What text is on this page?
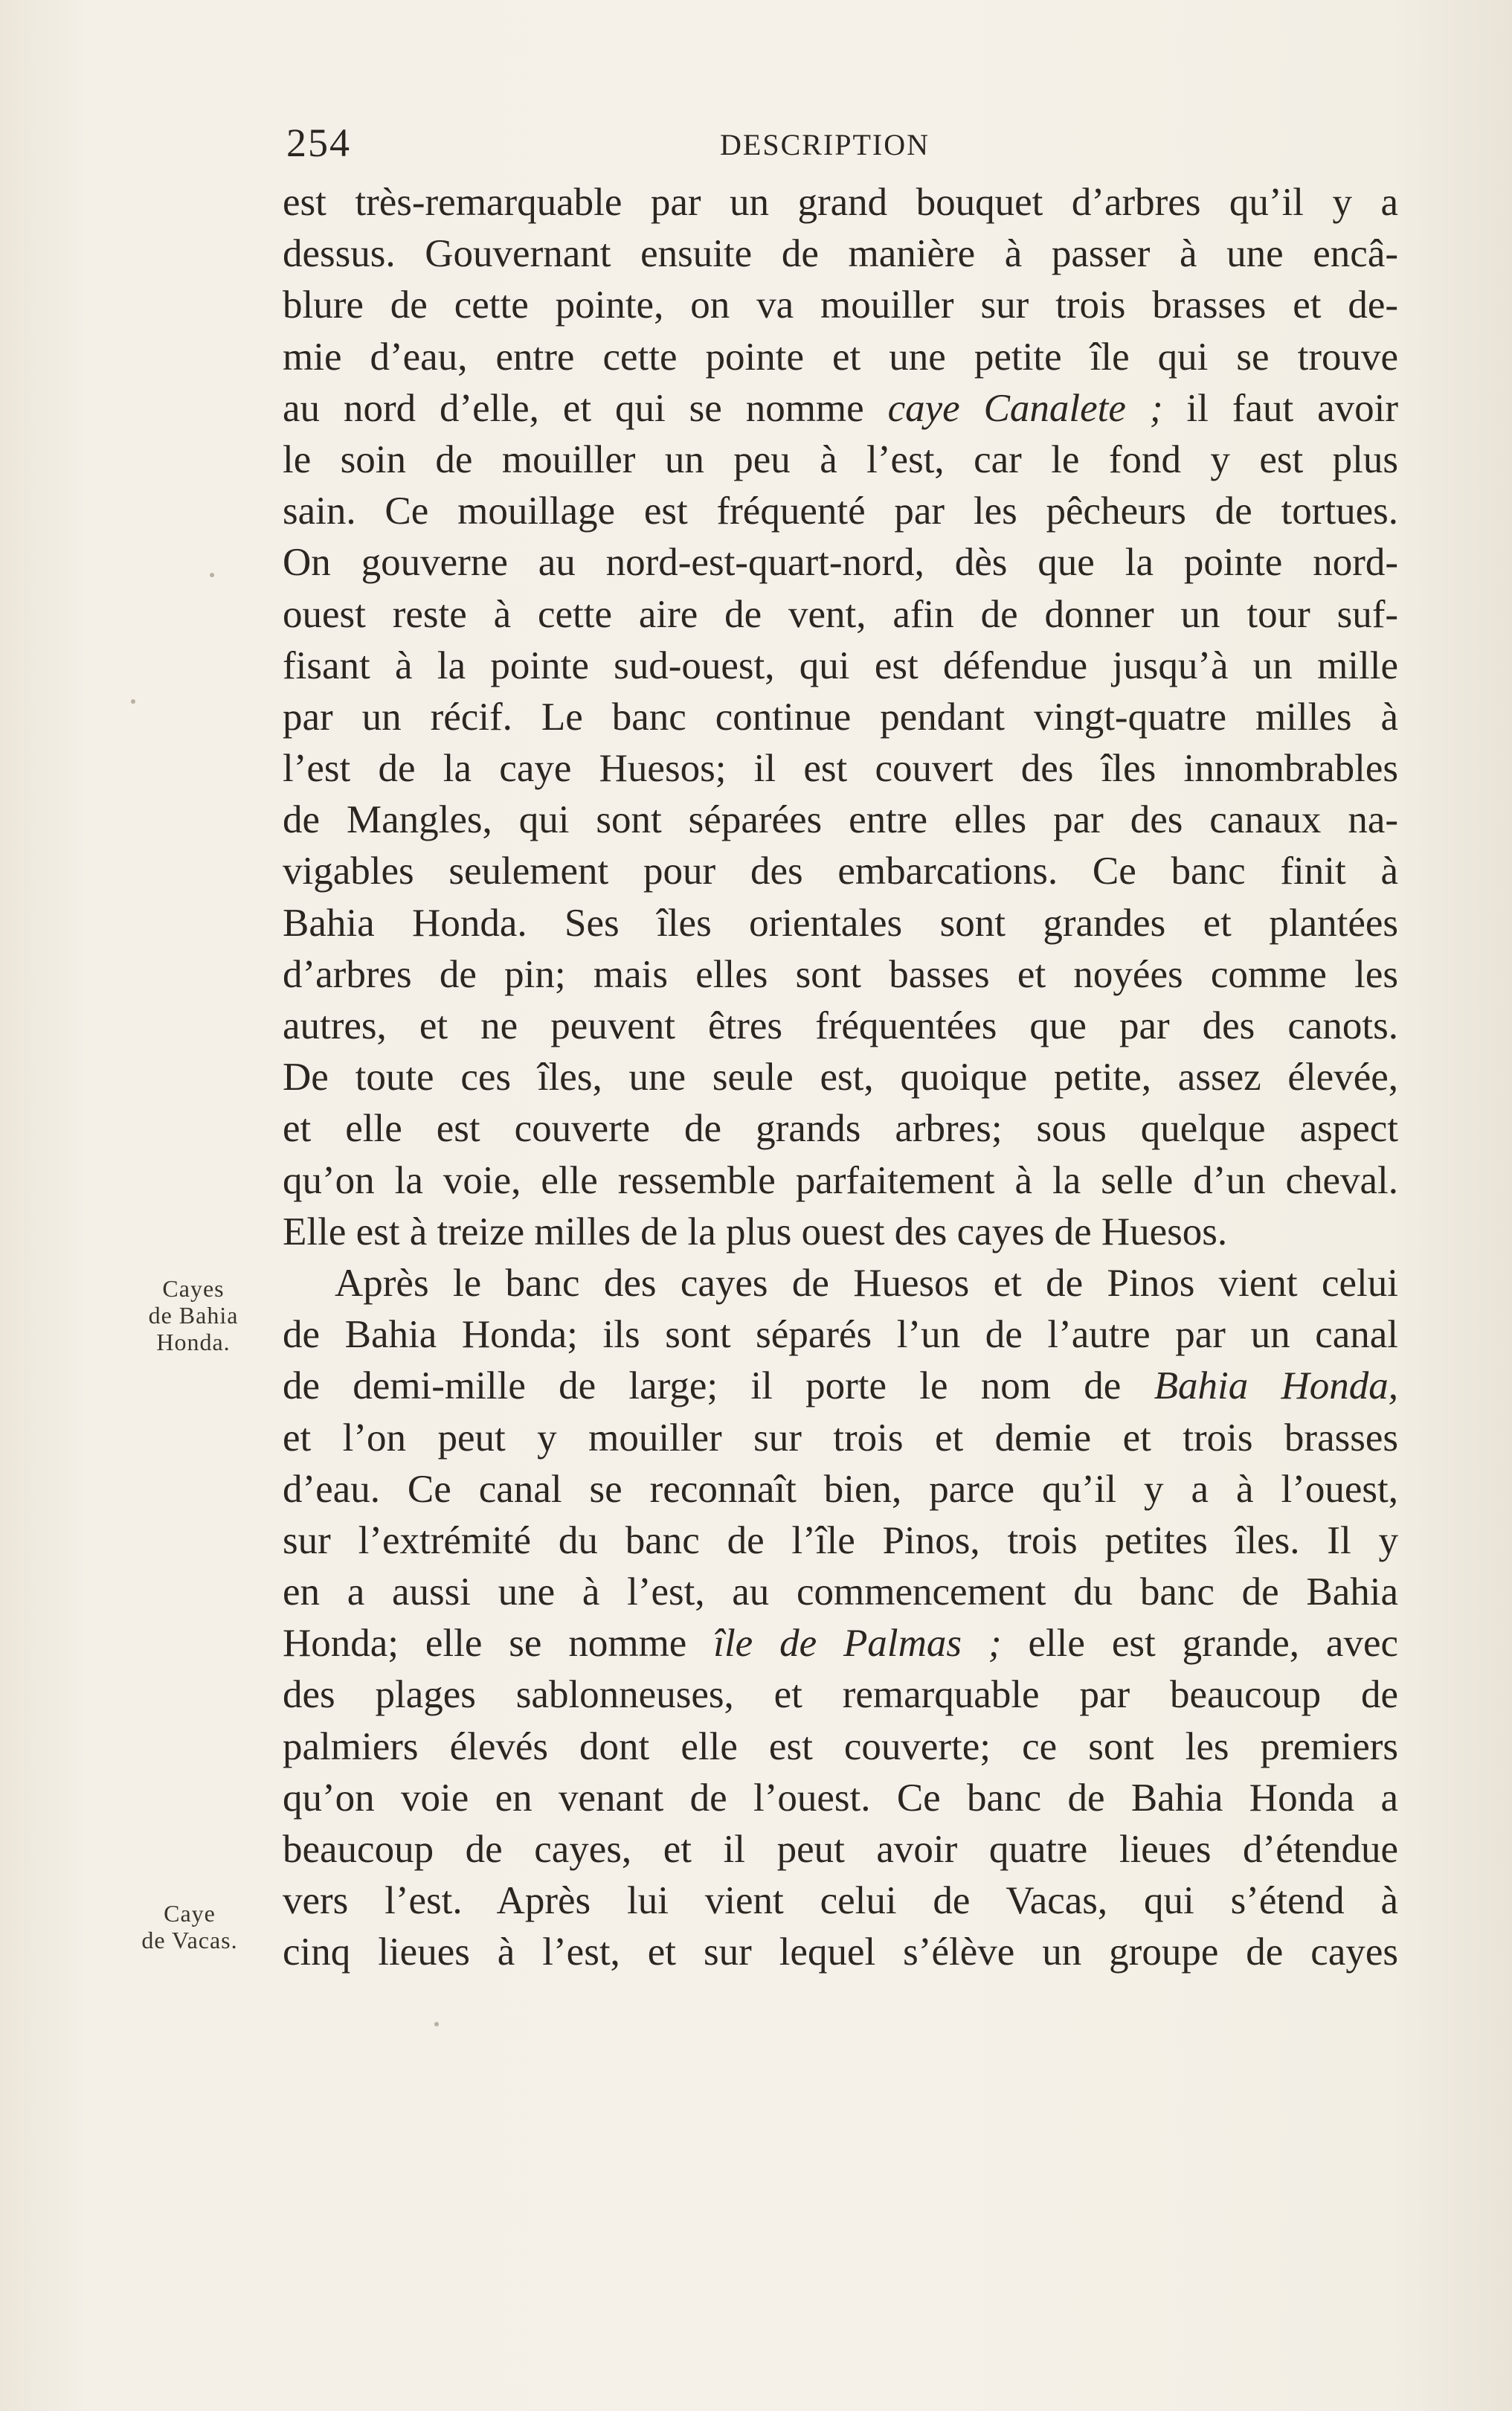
254	DESCRIPTION
Cayes
de Bahia
Honda.
Caye
de Vacas.
est très-remarquable par un grand bouquet d’arbres qu’il y a
dessus. Gouvernant ensuite de manière à passer à une encâ-
blure de cette pointe, on va mouiller sur trois brasses et de-
mie d’eau, entre cette pointe et une petite île qui se trouve
au nord d’elle, et qui se nomme caye Canalete ; il faut avoir
le soin de mouiller un peu à l’est, car le fond y est plus
sain. Ce mouillage est fréquenté par les pêcheurs de tortues.
On gouverne au nord-est-quart-nord, dès que la pointe nord-
ouest reste à cette aire de vent, afin de donner un tour suf-
fisant à la pointe sud-ouest, qui est défendue jusqu’à un mille
par un récif. Le banc continue pendant vingt-quatre milles à
l’est de la caye Huesos; il est couvert des îles innombrables
de Mangles, qui sont séparées entre elles par des canaux na-
vigables seulement pour des embarcations. Ce banc finit à
Bahia Honda. Ses îles orientales sont grandes et plantées
d’arbres de pin; mais elles sont basses et noyées comme les
autres, et ne peuvent êtres fréquentées que par des canots.
De toute ces îles, une seule est, quoique petite, assez élevée,
et elle est couverte de grands arbres; sous quelque aspect
qu’on la voie, elle ressemble parfaitement à la selle d’un cheval.
Elle est à treize milles de la plus ouest des cayes de Huesos.
Après le banc des cayes de Huesos et de Pinos vient celui
de Bahia Honda; ils sont séparés l’un de l’autre par un canal
de demi-mille de large; il porte le nom de Bahia Honda,
et l’on peut y mouiller sur trois et demie et trois brasses
d’eau. Ce canal se reconnaît bien, parce qu’il y a à l’ouest,
sur l’extrémité du banc de l’île Pinos, trois petites îles. Il y
en a aussi une à l’est, au commencement du banc de Bahia
Honda; elle se nomme île de Palmas ; elle est grande, avec
des plages sablonneuses, et remarquable par beaucoup de
palmiers élevés dont elle est couverte; ce sont les premiers
qu’on voie en venant de l’ouest. Ce banc de Bahia Honda a
beaucoup de cayes, et il peut avoir quatre lieues d’étendue
vers l’est. Après lui vient celui de Vacas, qui s’étend à
cinq lieues à l’est, et sur lequel s’élève un groupe de cayes
